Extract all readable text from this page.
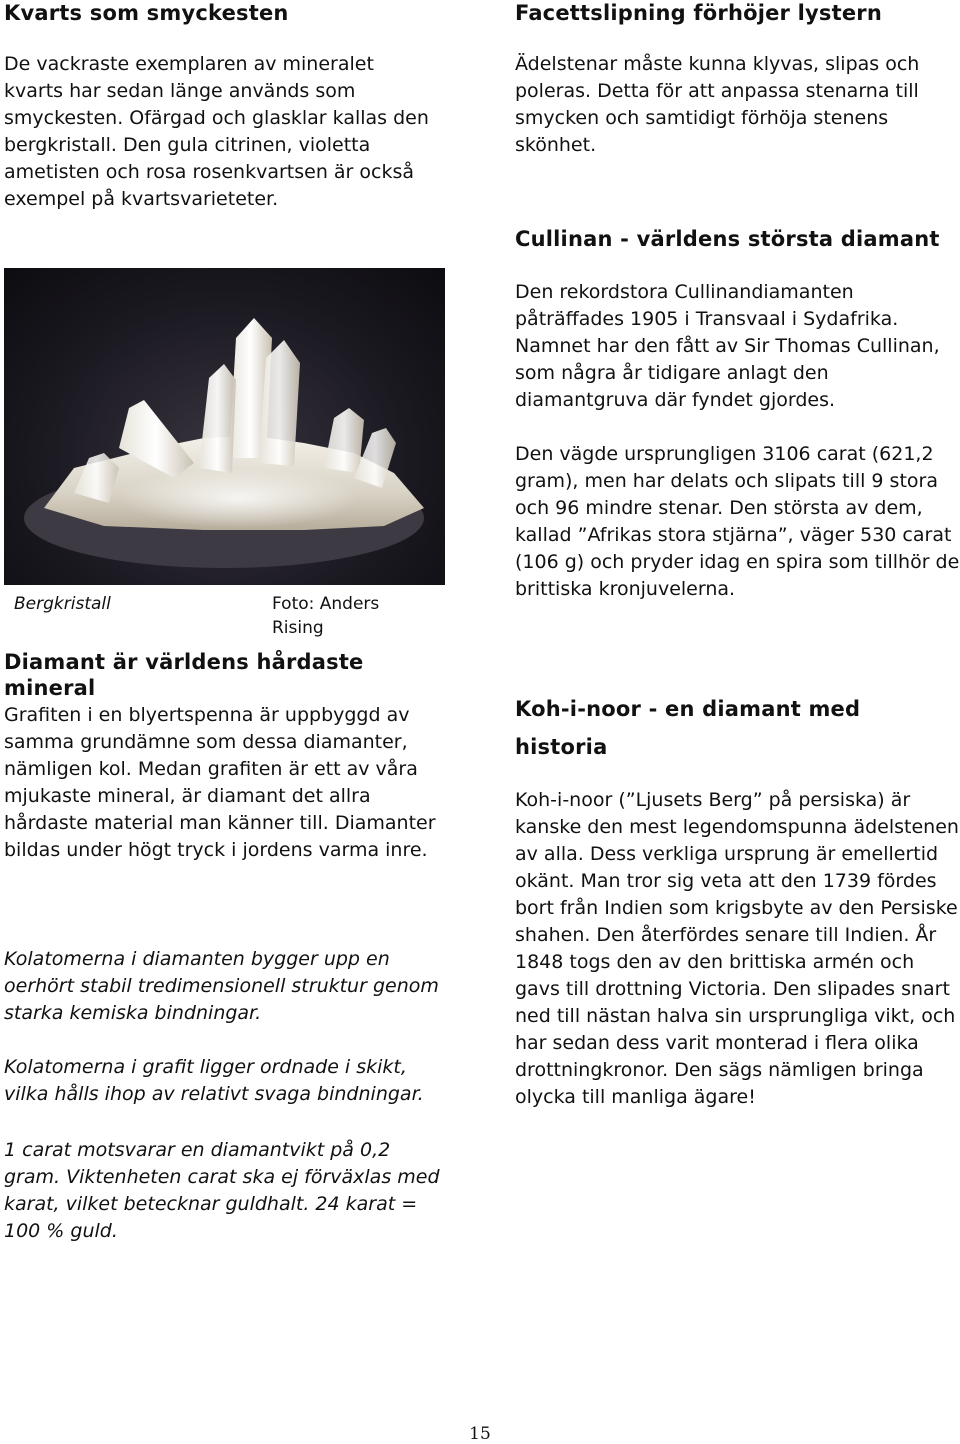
Kvarts som smyckesten

De vackraste exemplaren av mineralet kvarts har sedan länge används som smyckesten. Ofärgad och glasklar kallas den bergkristall. Den gula citrinen, violetta ametisten och rosa rosenkvartsen är också exempel på kvartsvarieteter.

Bergkristall	Foto: Anders Rising
Diamant är världens hårdaste mineral

Grafiten i en blyertspenna är uppbyggd av samma grundämne som dessa diamanter, nämligen kol. Medan grafiten är ett av våra mjukaste mineral, är diamant det allra hårdaste material man känner till. Diamanter bildas under högt tryck i jordens varma inre.

Kolatomerna i diamanten bygger upp en oerhört stabil tredimensionell struktur genom starka kemiska bindningar.

Kolatomerna i grafit ligger ordnade i skikt, vilka hålls ihop av relativt svaga bindningar.

1 carat motsvarar en diamantvikt på 0,2 gram. Viktenheten carat ska ej förväxlas med karat, vilket betecknar guldhalt. 24 karat = 100 % guld.

Facettslipning förhöjer lystern

Ädelstenar måste kunna klyvas, slipas och poleras. Detta för att anpassa stenarna till smycken och samtidigt förhöja stenens skönhet.

Cullinan - världens största diamant

Den rekordstora Cullinandiamanten påträffades 1905 i Transvaal i Sydafrika. Namnet har den fått av Sir Thomas Cullinan, som några år tidigare anlagt den diamantgruva där fyndet gjordes.

Den vägde ursprungligen 3106 carat (621,2 gram), men har delats och slipats till 9 stora och 96 mindre stenar. Den största av dem, kallad ”Afrikas stora stjärna”, väger 530 carat (106 g) och pryder idag en spira som tillhör de brittiska kronjuvelerna.

Koh-i-noor - en diamant med
historia

Koh-i-noor (”Ljusets Berg” på persiska) är kanske den mest legendomspunna ädelstenen av alla. Dess verkliga ursprung är emellertid okänt. Man tror sig veta att den 1739 fördes bort från Indien som krigsbyte av den Persiske shahen. Den återfördes senare till Indien. År 1848 togs den av den brittiska armén och gavs till drottning Victoria. Den slipades snart ned till nästan halva sin ursprungliga vikt, och har sedan dess varit monterad i flera olika drottningkronor. Den sägs nämligen bringa olycka till manliga ägare!

15
